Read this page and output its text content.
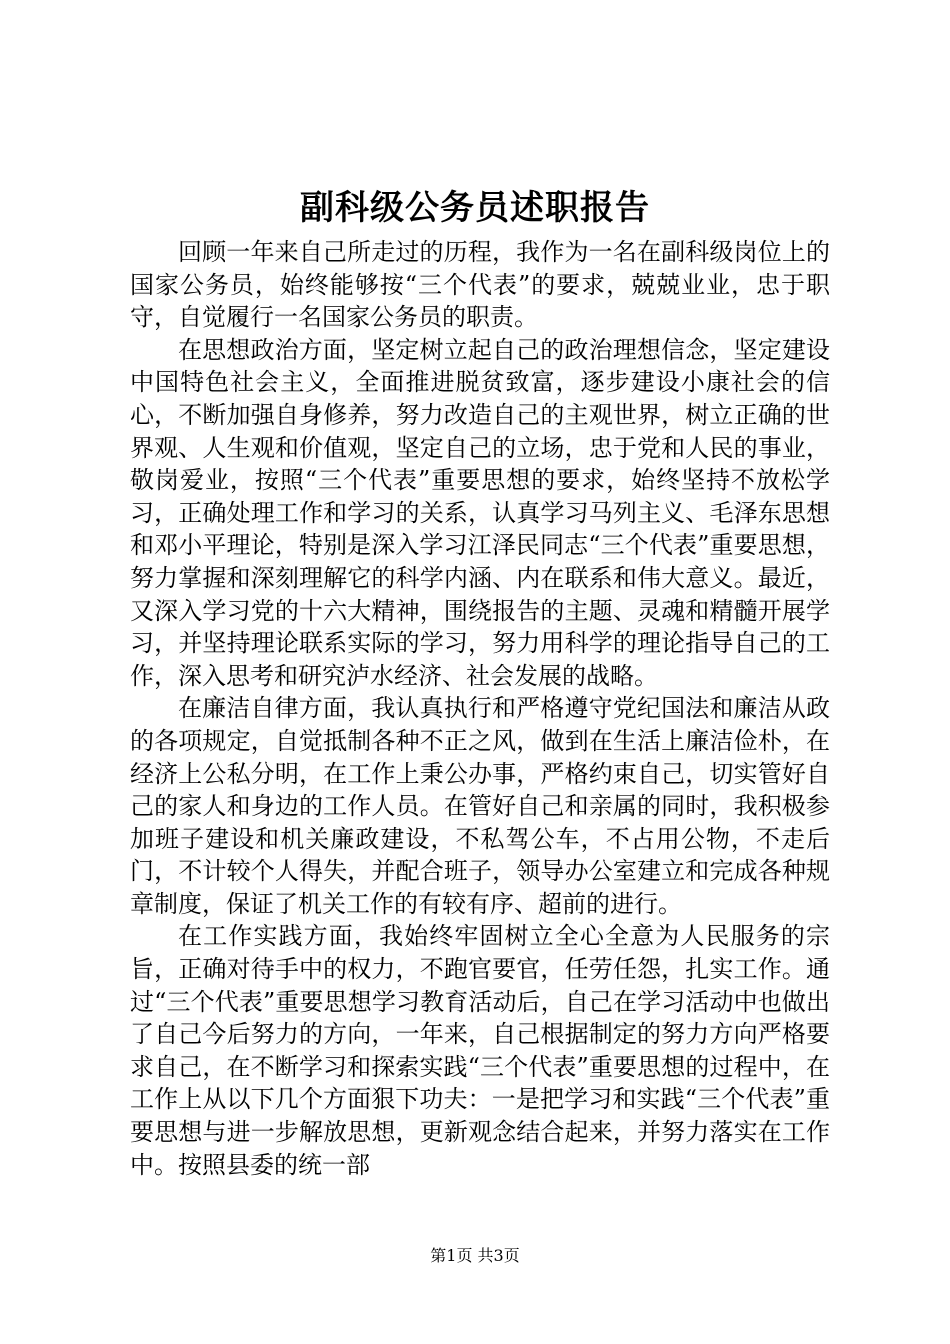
副科级公务员述职报告

回顾一年来自己所走过的历程，我作为一名在副科级岗位上的国家公务员，始终能够按“三个代表”的要求，兢兢业业，忠于职守，自觉履行一名国家公务员的职责。

在思想政治方面，坚定树立起自己的政治理想信念，坚定建设中国特色社会主义，全面推进脱贫致富，逐步建设小康社会的信心，不断加强自身修养，努力改造自己的主观世界，树立正确的世界观、人生观和价值观，坚定自己的立场，忠于党和人民的事业，敬岗爱业，按照“三个代表”重要思想的要求，始终坚持不放松学习，正确处理工作和学习的关系，认真学习马列主义、毛泽东思想和邓小平理论，特别是深入学习江泽民同志“三个代表”重要思想，努力掌握和深刻理解它的科学内涵、内在联系和伟大意义。最近，又深入学习党的十六大精神，围绕报告的主题、灵魂和精髓开展学习，并坚持理论联系实际的学习，努力用科学的理论指导自己的工作，深入思考和研究泸水经济、社会发展的战略。

在廉洁自律方面，我认真执行和严格遵守党纪国法和廉洁从政的各项规定，自觉抵制各种不正之风，做到在生活上廉洁俭朴，在经济上公私分明，在工作上秉公办事，严格约束自己，切实管好自己的家人和身边的工作人员。在管好自己和亲属的同时，我积极参加班子建设和机关廉政建设，不私驾公车，不占用公物，不走后门，不计较个人得失，并配合班子，领导办公室建立和完成各种规章制度，保证了机关工作的有较有序、超前的进行。

在工作实践方面，我始终牢固树立全心全意为人民服务的宗旨，正确对待手中的权力，不跑官要官，任劳任怨，扎实工作。通过“三个代表”重要思想学习教育活动后，自己在学习活动中也做出了自己今后努力的方向，一年来，自己根据制定的努力方向严格要求自己，在不断学习和探索实践“三个代表”重要思想的过程中，在工作上从以下几个方面狠下功夫：一是把学习和实践“三个代表”重要思想与进一步解放思想，更新观念结合起来，并努力落实在工作中。按照县委的统一部

第1页 共3页
